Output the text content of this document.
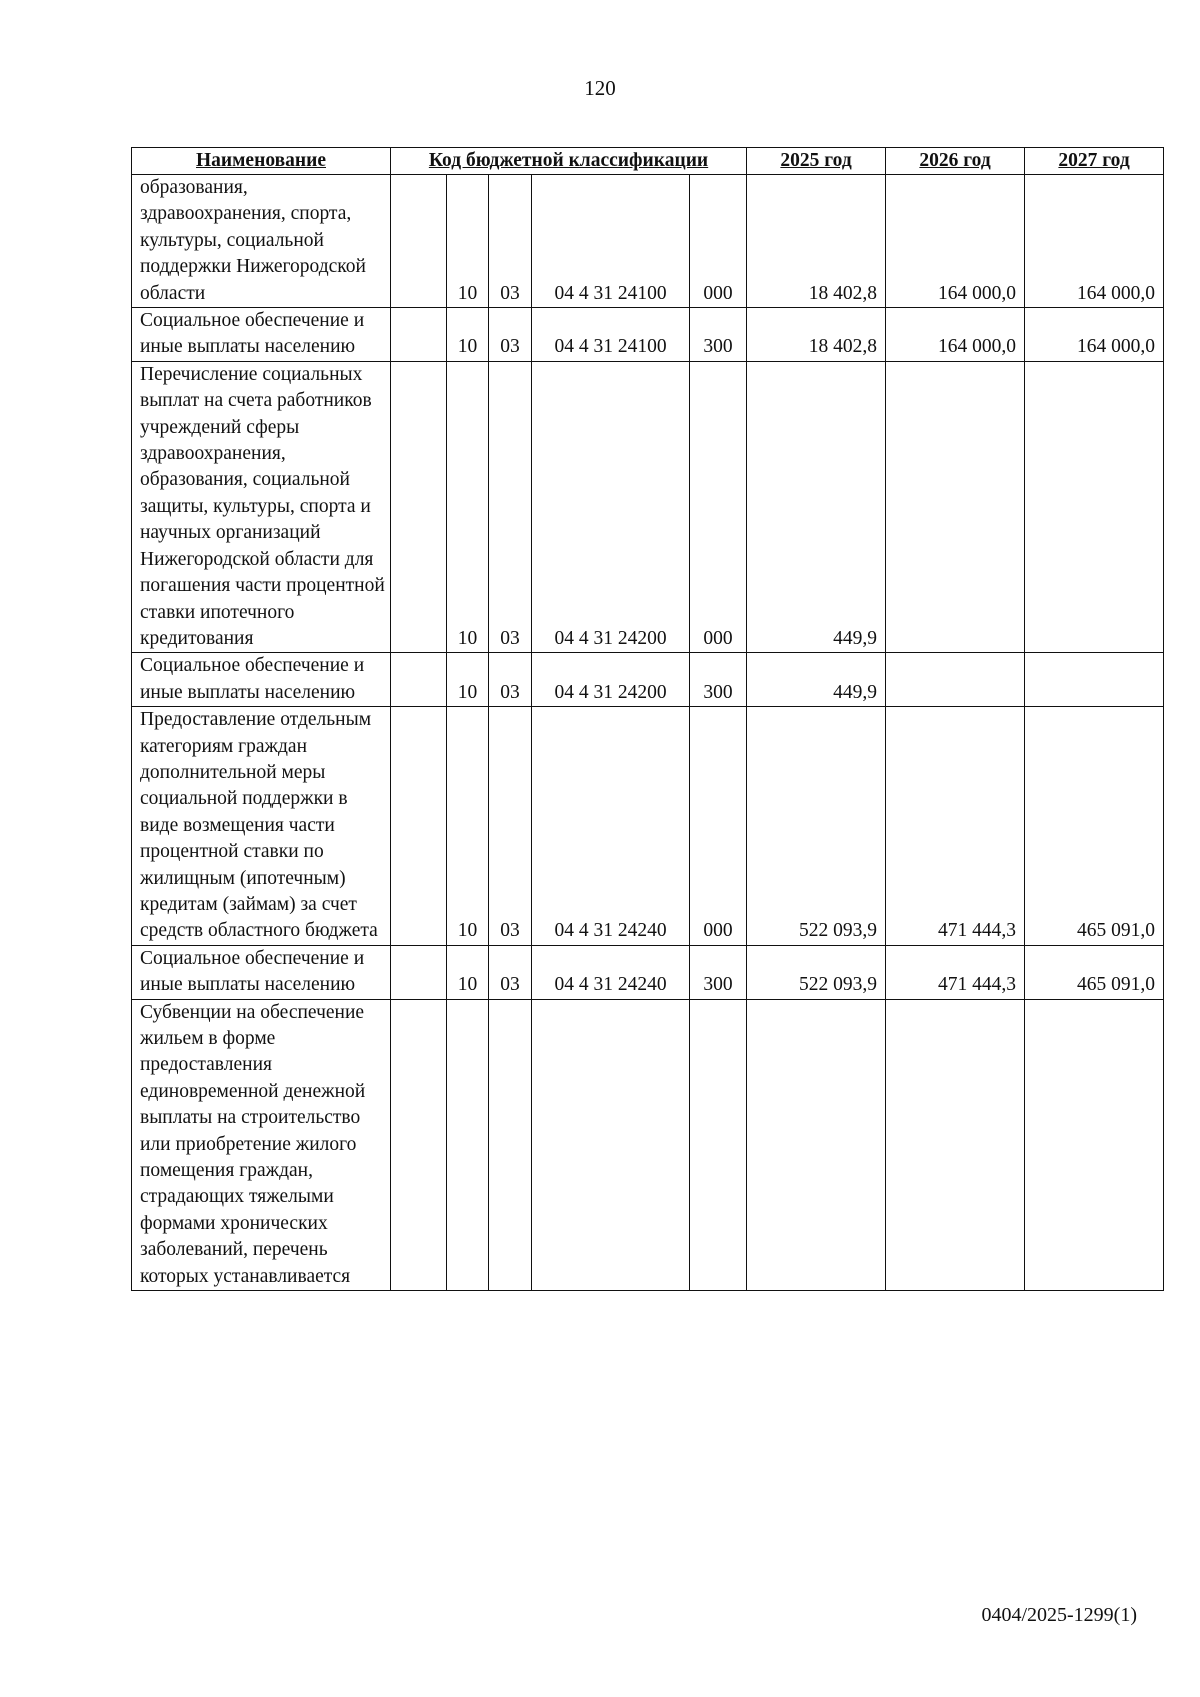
120
Наименование	Код бюджетной классификации					2025 год	2026 год	2027 год
образования, здравоохранения, спорта, культуры, социальной поддержки Нижегородской области		10	03	04 4 31 24100	000	18 402,8	164 000,0	164 000,0
Социальное обеспечение и иные выплаты населению		10	03	04 4 31 24100	300	18 402,8	164 000,0	164 000,0
Перечисление социальных выплат на счета работников учреждений сферы здравоохранения, образования, социальной защиты, культуры, спорта и научных организаций Нижегородской области для погашения части процентной ставки ипотечного кредитования		10	03	04 4 31 24200	000	449,9		
Социальное обеспечение и иные выплаты населению		10	03	04 4 31 24200	300	449,9		
Предоставление отдельным категориям граждан дополнительной меры социальной поддержки в виде возмещения части процентной ставки по жилищным (ипотечным) кредитам (займам) за счет средств областного бюджета		10	03	04 4 31 24240	000	522 093,9	471 444,3	465 091,0
Социальное обеспечение и иные выплаты населению		10	03	04 4 31 24240	300	522 093,9	471 444,3	465 091,0
Субвенции на обеспечение жильем в форме предоставления единовременной денежной выплаты на строительство или приобретение жилого помещения граждан, страдающих тяжелыми формами хронических заболеваний, перечень которых устанавливается								
0404/2025-1299(1)
